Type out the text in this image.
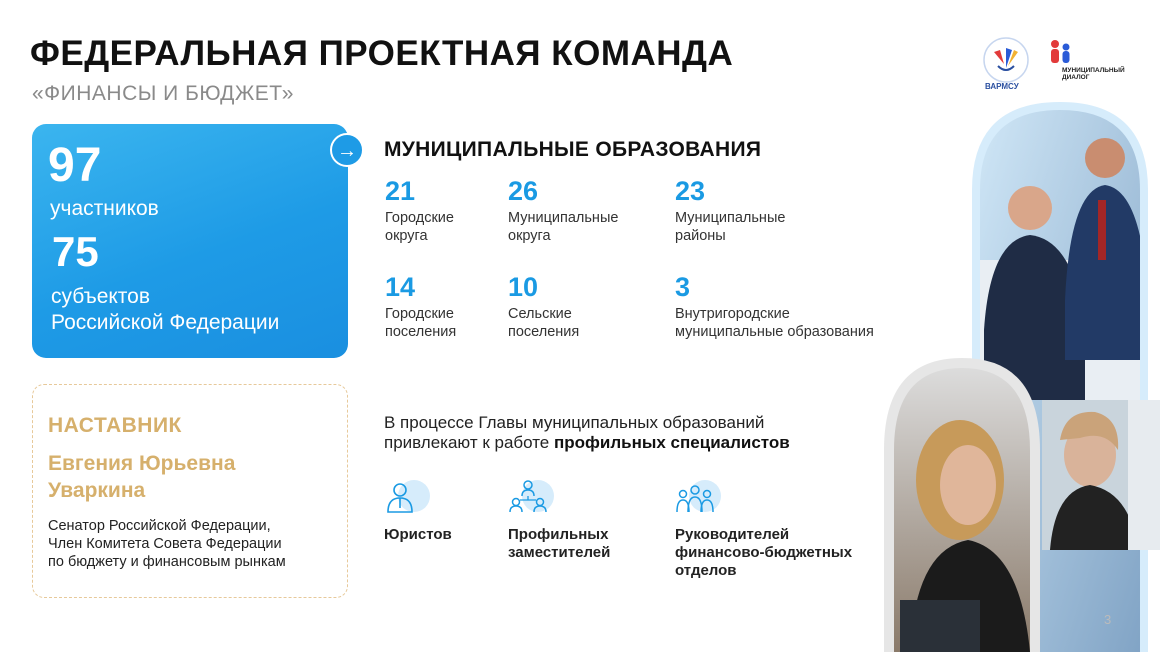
ФЕДЕРАЛЬНАЯ ПРОЕКТНАЯ КОМАНДА
«ФИНАНСЫ И БЮДЖЕТ»	ВАРМСУ
МУНИЦИПАЛЬНЫЙ
ДИАЛОГ
97
участников
75
субъектов
Российской Федерации
→
НАСТАВНИК
Евгения Юрьевна
Уваркина
Сенатор Российской Федерации,
Член Комитета Совета Федерации
по бюджету и финансовым рынкам
МУНИЦИПАЛЬНЫЕ ОБРАЗОВАНИЯ
21
Городские
округа
26
Муниципальные
округа
23
Муниципальные
районы
14
Городские
поселения
10
Сельские
поселения
3
Внутригородские
муниципальные образования
В процессе Главы муниципальных образований
привлекают к работе профильных специалистов
Юристов	Профильных
заместителей
Руководителей
финансово-бюджетных
отделов
3
